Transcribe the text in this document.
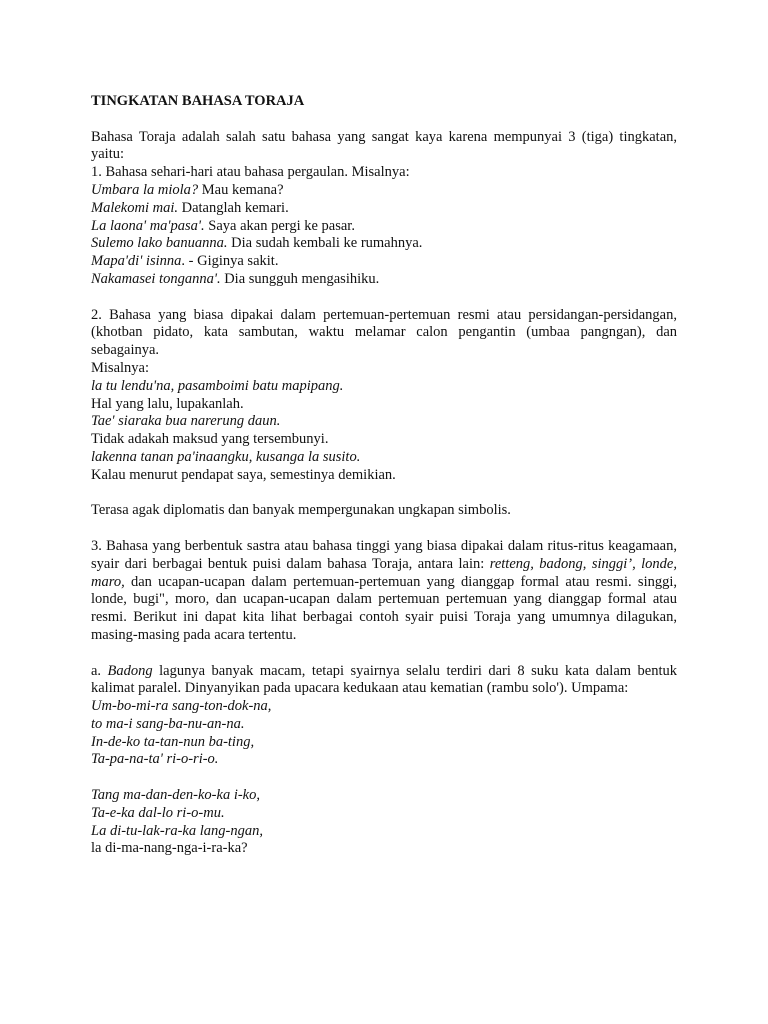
TINGKATAN BAHASA TORAJA

Bahasa Toraja adalah salah satu bahasa yang sangat kaya karena mempunyai 3 (tiga) tingkatan, yaitu:

1. Bahasa sehari-hari atau bahasa pergaulan. Misalnya:
Umbara la miola? Mau kemana?
Malekomi mai. Datanglah kemari.
La laona' ma'pasa'. Saya akan pergi ke pasar.
Sulemo lako banuanna. Dia sudah kembali ke rumahnya.
Mapa'di' isinna. - Giginya sakit.
Nakamasei tonganna'. Dia sungguh mengasihiku.

2. Bahasa yang biasa dipakai dalam pertemuan-pertemuan resmi atau persidangan-persidangan, (khotban pidato, kata sambutan, waktu melamar calon pengantin (umbaa pangngan), dan sebagainya.

Misalnya:
la tu lendu'na, pasamboimi batu mapipang.
Hal yang lalu, lupakanlah.
Tae' siaraka bua narerung daun.
Tidak adakah maksud yang tersembunyi.
lakenna tanan pa'inaangku, kusanga la susito.
Kalau menurut pendapat saya, semestinya demikian.

Terasa agak diplomatis dan banyak mempergunakan ungkapan simbolis.

3. Bahasa yang berbentuk sastra atau bahasa tinggi yang biasa dipakai dalam ritus-ritus keagamaan, syair dari berbagai bentuk puisi dalam bahasa Toraja, antara lain: retteng, badong, singgi’, londe, maro, dan ucapan-ucapan dalam pertemuan-pertemuan yang dianggap formal atau resmi. singgi, londe, bugi", moro, dan ucapan-ucapan dalam pertemuan pertemuan yang dianggap formal atau resmi. Berikut ini dapat kita lihat berbagai contoh syair puisi Toraja yang umumnya dilagukan, masing-masing pada acara tertentu.

a. Badong lagunya banyak macam, tetapi syairnya selalu terdiri dari 8 suku kata dalam bentuk kalimat paralel. Dinyanyikan pada upacara kedukaan atau kematian (rambu solo'). Umpama:

Um-bo-mi-ra sang-ton-dok-na,
to ma-i sang-ba-nu-an-na.
In-de-ko ta-tan-nun ba-ting,
Ta-pa-na-ta' ri-o-ri-o.
Tang ma-dan-den-ko-ka i-ko,
Ta-e-ka dal-lo ri-o-mu.
La di-tu-lak-ra-ka lang-ngan,
la di-ma-nang-nga-i-ra-ka?
